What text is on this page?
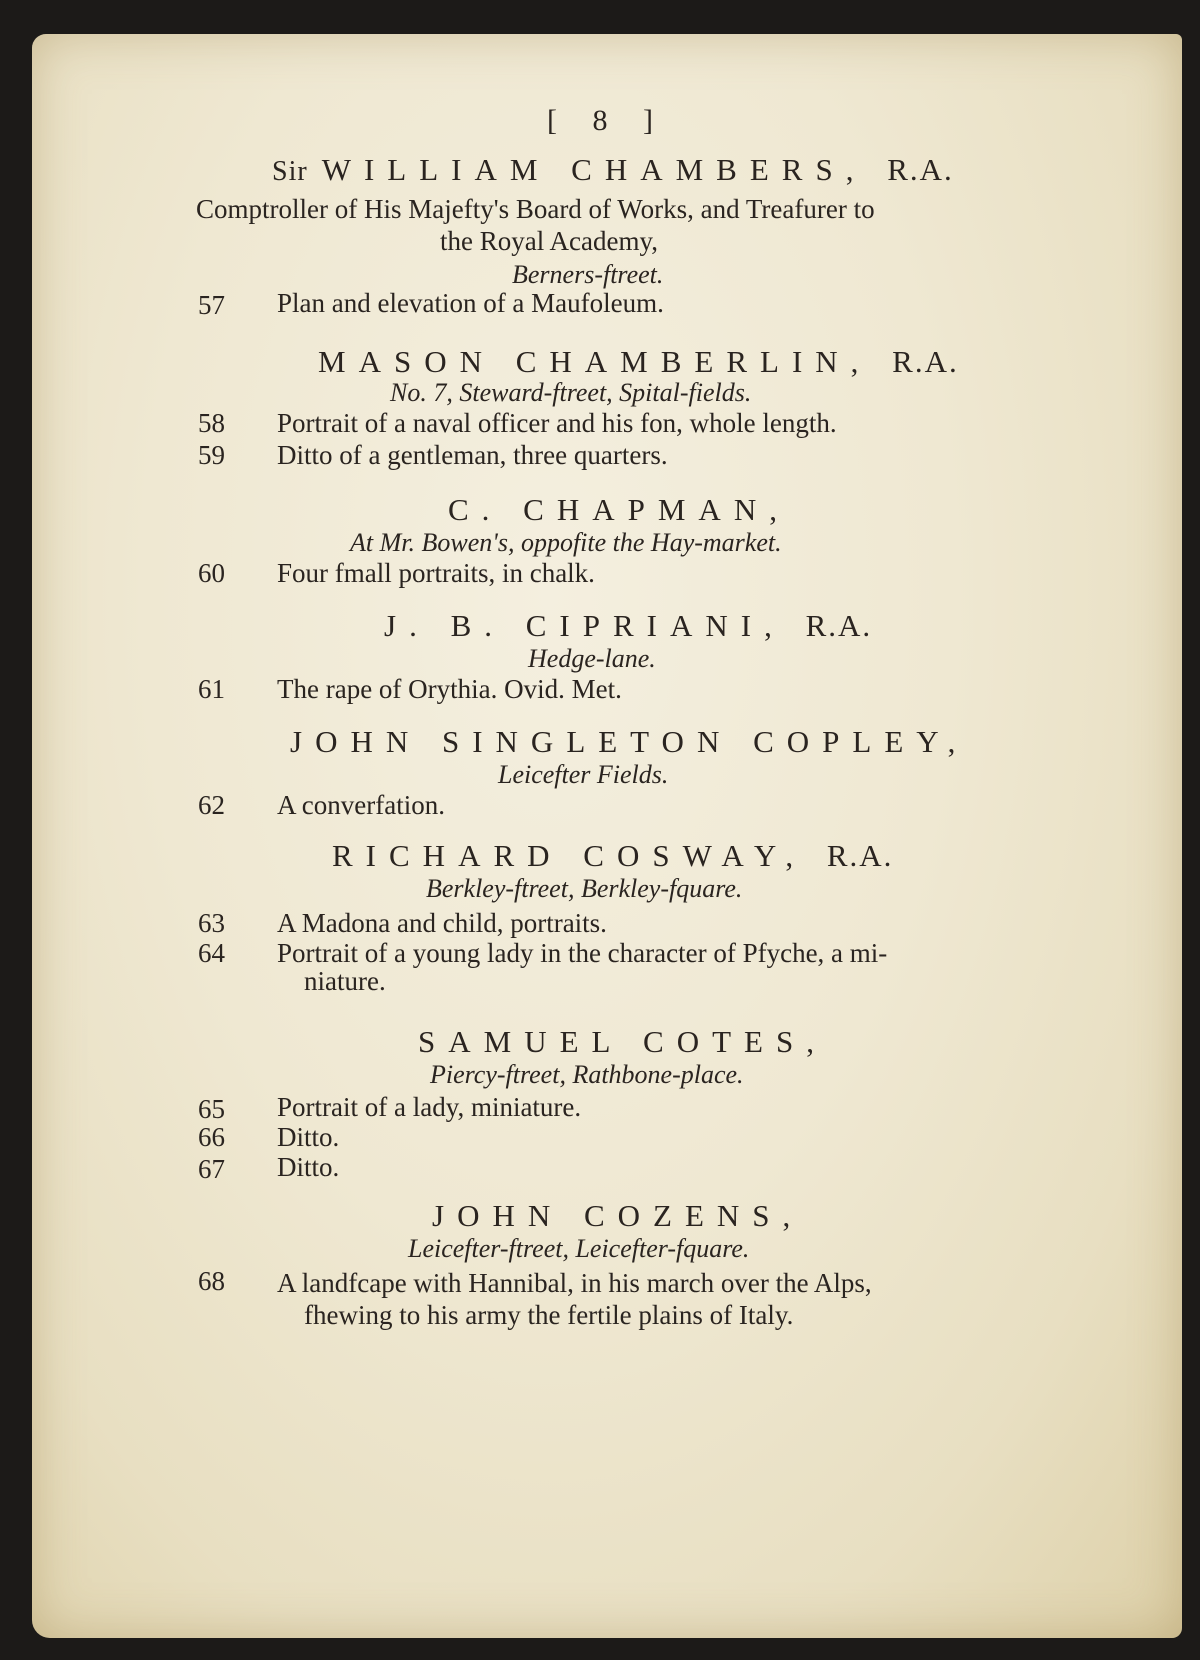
[ 8 ]
Sir WILLIAM CHAMBERS, R.A.
Comptroller of His Majefty's Board of Works, and Treafurer to
the Royal Academy,
Berners-ftreet.
57 Plan and elevation of a Maufoleum.
MASON CHAMBERLIN, R.A.
No. 7, Steward-ftreet, Spital-fields.
58 Portrait of a naval officer and his fon, whole length.
59 Ditto of a gentleman, three quarters.
C. CHAPMAN,
At Mr. Bowen's, oppofite the Hay-market.
60 Four fmall portraits, in chalk.
J. B. CIPRIANI, R.A.
Hedge-lane.
61 The rape of Orythia. Ovid. Met.
JOHN SINGLETON COPLEY,
Leicefter Fields.
62 A converfation.
RICHARD COSWAY, R.A.
Berkley-ftreet, Berkley-fquare.
63 A Madona and child, portraits.
64 Portrait of a young lady in the character of Pfyche, a mi-
niature.
SAMUEL COTES,
Piercy-ftreet, Rathbone-place.
65 Portrait of a lady, miniature.
66 Ditto.
67 Ditto.
JOHN COZENS,
Leicefter-ftreet, Leicefter-fquare.
68 A landfcape with Hannibal, in his march over the Alps,
fhewing to his army the fertile plains of Italy.
